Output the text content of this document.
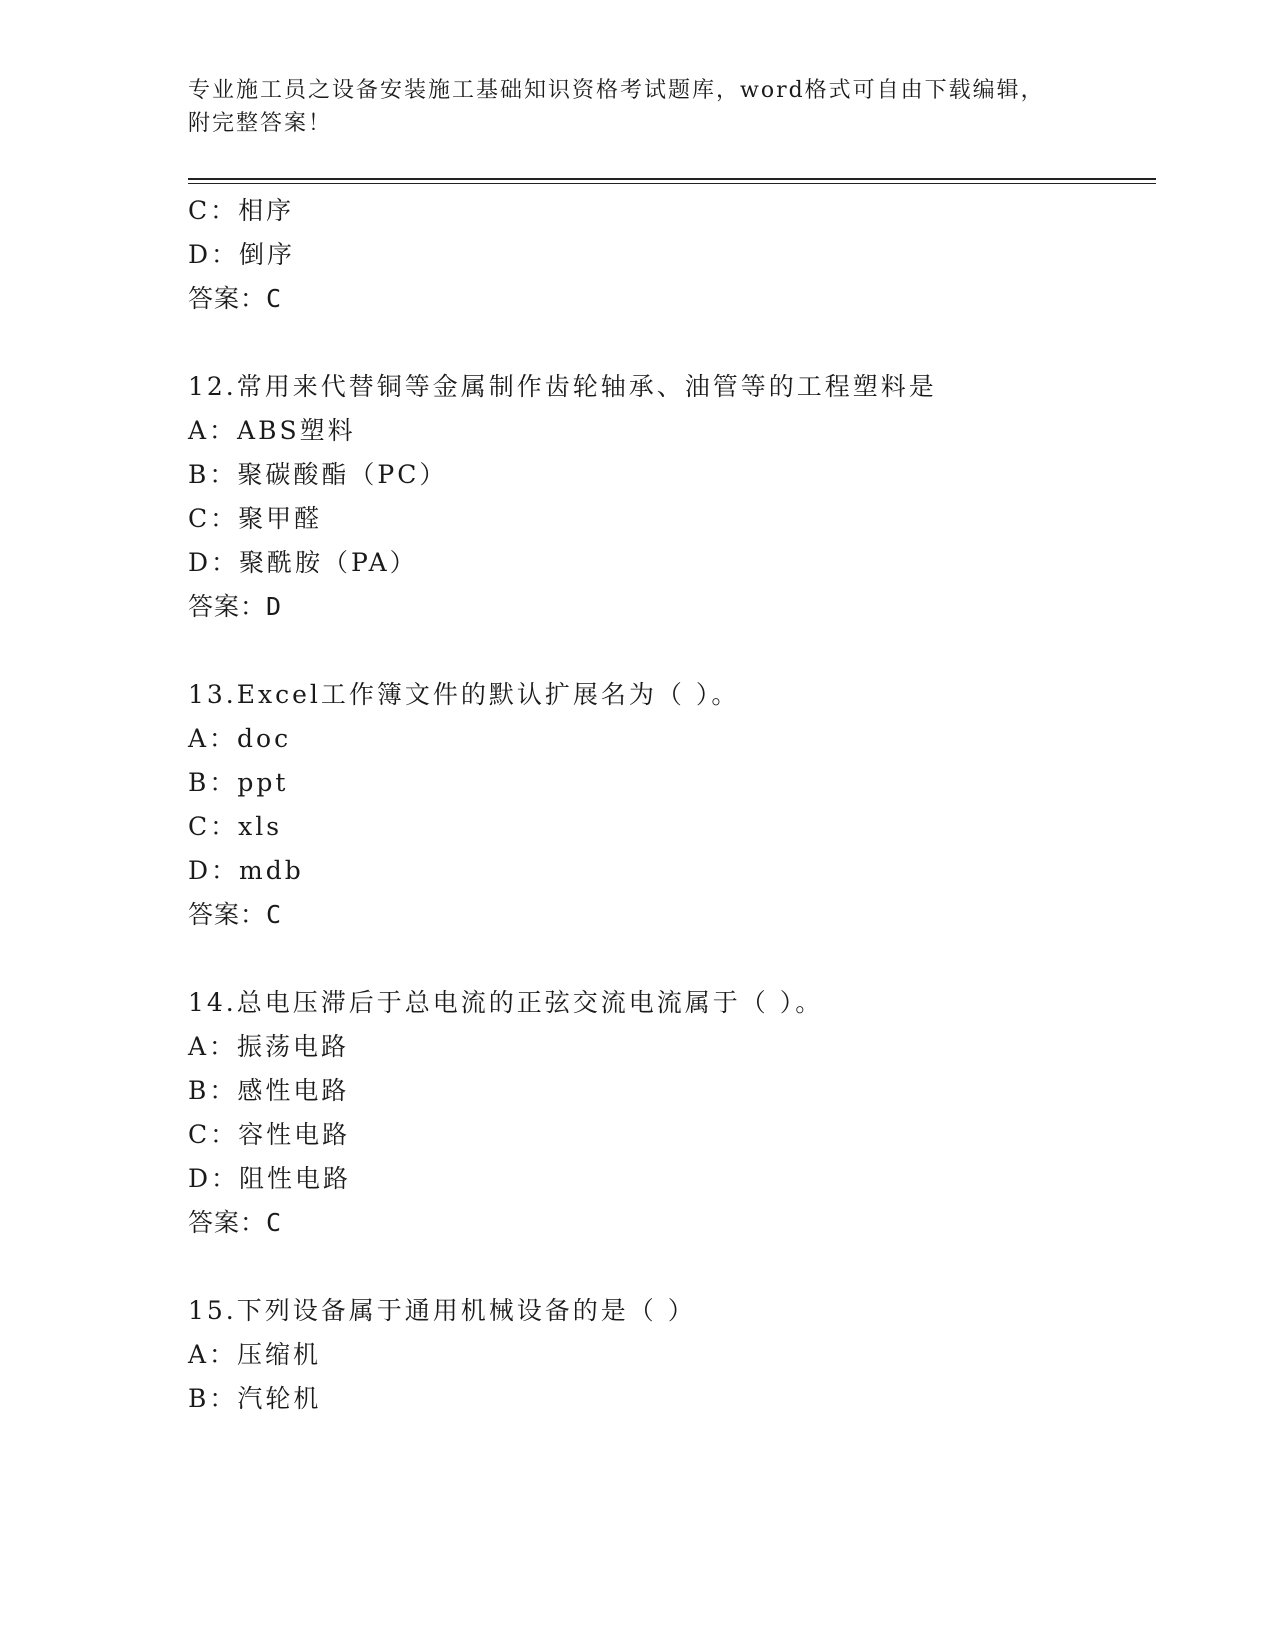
专业施工员之设备安装施工基础知识资格考试题库，word格式可自由下载编辑，
附完整答案！
C：相序
D：倒序
答案：C
12.常用来代替铜等金属制作齿轮轴承、油管等的工程塑料是
A：ABS塑料
B：聚碳酸酯（PC）
C：聚甲醛
D：聚酰胺（PA）
答案：D
13.Excel工作簿文件的默认扩展名为（ ）。
A：doc
B：ppt
C：xls
D：mdb
答案：C
14.总电压滞后于总电流的正弦交流电流属于（ ）。
A：振荡电路
B：感性电路
C：容性电路
D：阻性电路
答案：C
15.下列设备属于通用机械设备的是（ ）
A：压缩机
B：汽轮机
